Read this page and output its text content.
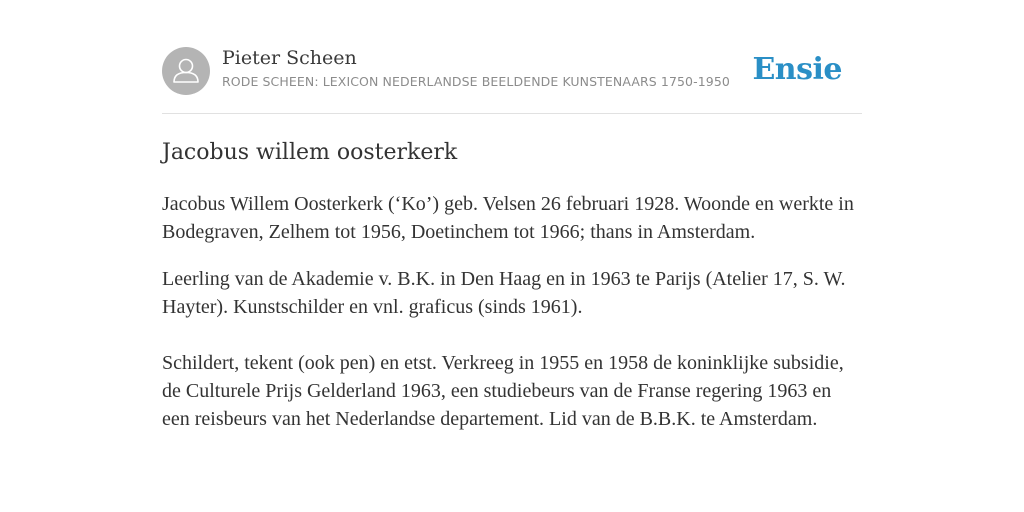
Pieter Scheen
RODE SCHEEN: LEXICON NEDERLANDSE BEELDENDE KUNSTENAARS 1750-1950 Ensie
Jacobus willem oosterkerk

Jacobus Willem Oosterkerk (‘Ko’) geb. Velsen 26 februari 1928. Woonde en werkte in Bodegraven, Zelhem tot 1956, Doetinchem tot 1966; thans in Amsterdam.

Leerling van de Akademie v. B.K. in Den Haag en in 1963 te Parijs (Atelier 17, S. W. Hayter). Kunstschilder en vnl. graficus (sinds 1961).

Schildert, tekent (ook pen) en etst. Verkreeg in 1955 en 1958 de koninklijke subsidie, de Culturele Prijs Gelderland 1963, een studiebeurs van de Franse regering 1963 en een reisbeurs van het Nederlandse departement. Lid van de B.B.K. te Amsterdam.
